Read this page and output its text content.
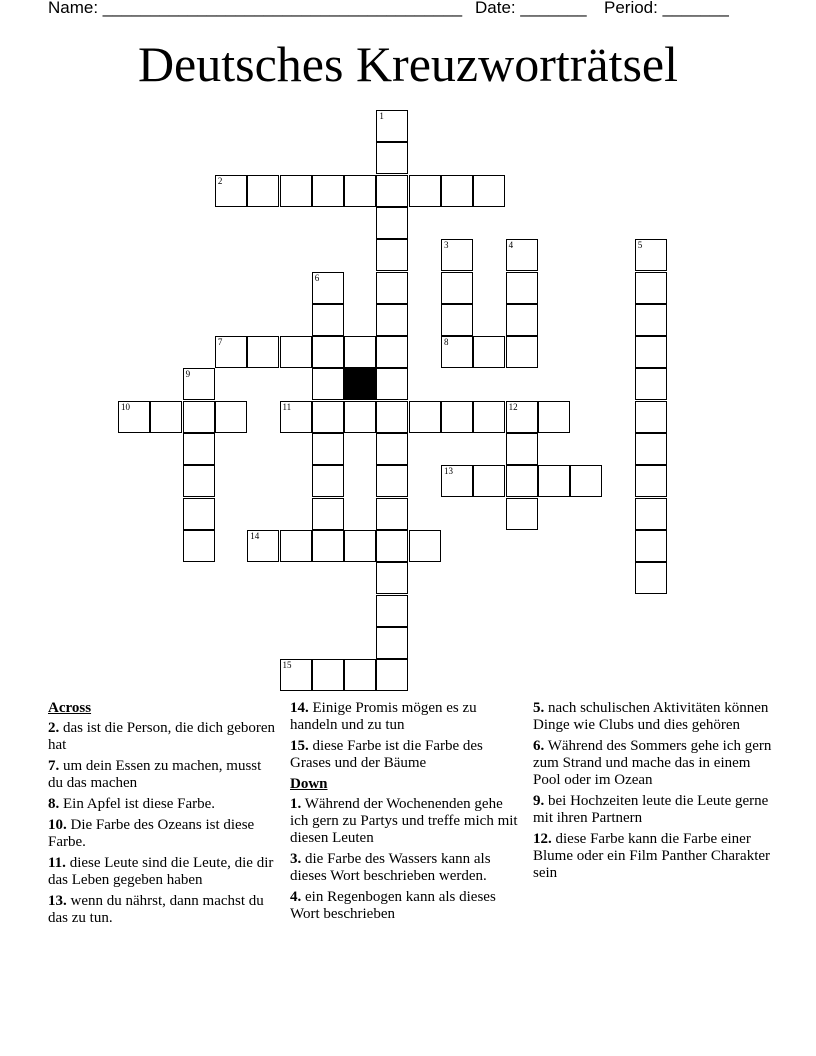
Name: ______________________________________ Date: _______ Period: _______
Deutsches Kreuzworträtsel
1
2
3
8
4	5
6
7
9
10	11	12
13
14
15
Across
2. das ist die Person, die dich geboren hat
7. um dein Essen zu machen, musst du das machen
8. Ein Apfel ist diese Farbe.
10. Die Farbe des Ozeans ist diese Farbe.
11. diese Leute sind die Leute, die dir das Leben gegeben haben
13. wenn du nährst, dann machst du das zu tun.
14. Einige Promis mögen es zu handeln und zu tun
15. diese Farbe ist die Farbe des Grases und der Bäume
Down
1. Während der Wochenenden gehe ich gern zu Partys und treffe mich mit diesen Leuten
3. die Farbe des Wassers kann als dieses Wort beschrieben werden.
4. ein Regenbogen kann als dieses Wort beschrieben
5. nach schulischen Aktivitäten können Dinge wie Clubs und dies gehören
6. Während des Sommers gehe ich gern zum Strand und mache das in einem Pool oder im Ozean
9. bei Hochzeiten leute die Leute gerne mit ihren Partnern
12. diese Farbe kann die Farbe einer Blume oder ein Film Panther Charakter sein
